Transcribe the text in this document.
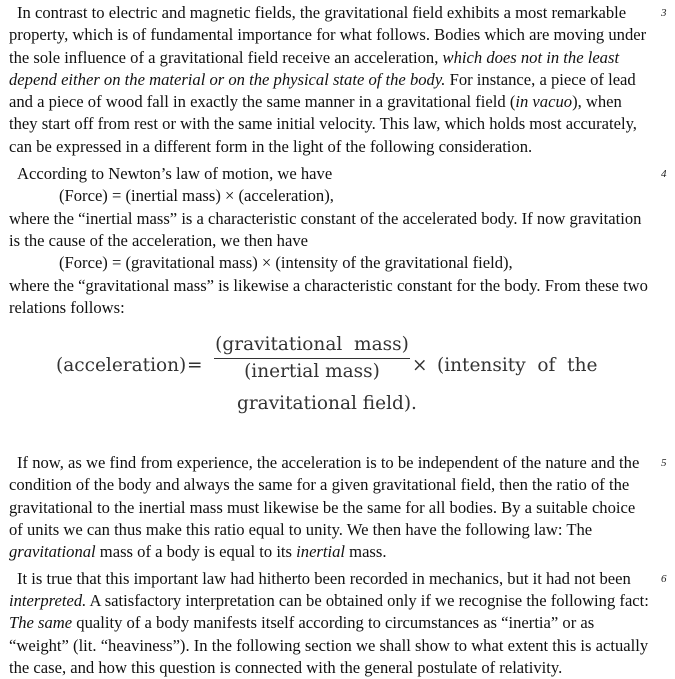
3
In contrast to electric and magnetic fields, the gravitational field exhibits a most remarkable property, which is of fundamental importance for what follows. Bodies which are moving under the sole influence of a gravitational field receive an acceleration, which does not in the least depend either on the material or on the physical state of the body. For instance, a piece of lead and a piece of wood fall in exactly the same manner in a gravitational field (in vacuo), when they start off from rest or with the same initial velocity. This law, which holds most accurately, can be expressed in a different form in the light of the following consideration.

4
According to Newton’s law of motion, we have

(Force) = (inertial mass) × (acceleration),

where the “inertial mass” is a characteristic constant of the accelerated body. If now gravitation is the cause of the acceleration, we then have

(Force) = (gravitational mass) × (intensity of the gravitational field),

where the “gravitational mass” is likewise a characteristic constant for the body. From these two relations follows:

(acceleration) =
(gravitational  mass)
(inertial mass)	× (intensity  of  the
gravitational field).

5
If now, as we find from experience, the acceleration is to be independent of the nature and the condition of the body and always the same for a given gravitational field, then the ratio of the gravitational to the inertial mass must likewise be the same for all bodies. By a suitable choice of units we can thus make this ratio equal to unity. We then have the following law: The gravitational mass of a body is equal to its inertial mass.

6
It is true that this important law had hitherto been recorded in mechanics, but it had not been interpreted. A satisfactory interpretation can be obtained only if we recognise the following fact: The same quality of a body manifests itself according to circumstances as “inertia” or as “weight” (lit. “heaviness”). In the following section we shall show to what extent this is actually the case, and how this question is connected with the general postulate of relativity.
